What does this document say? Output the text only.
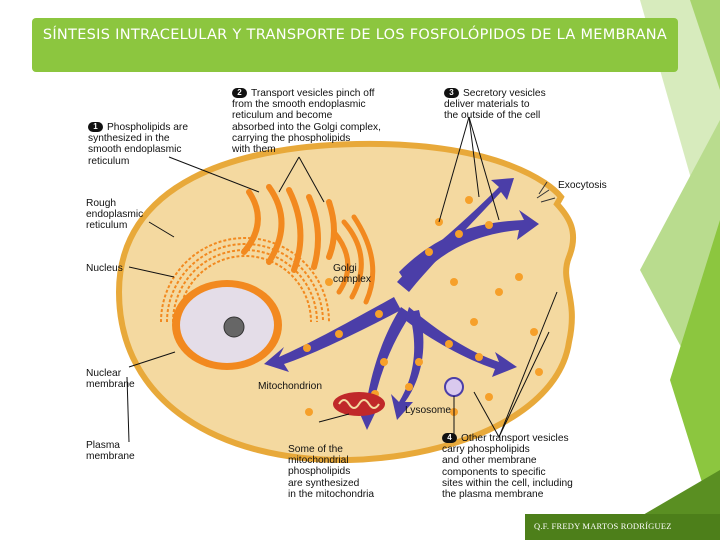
SÍNTESIS INTRACELULAR Y TRANSPORTE DE LOS FOSFOLÓPIDOS DE LA MEMBRANA
2 Transport vesicles pinch off
from the smooth endoplasmic
reticulum and become
absorbed into the Golgi complex,
carrying the phospholipids
with them
3 Secretory vesicles
deliver materials to
the outside of the cell
1 Phospholipids are
synthesized in the
smooth endoplasmic
reticulum
4 Other transport vesicles
carry phospholipids
and other membrane
components to specific
sites within the cell, including
the plasma membrane
Rough
endoplasmic
reticulum
Nucleus
Nuclear
membrane
Plasma
membrane
Golgi
complex
Mitochondrion
Lysosome
Exocytosis
Some of the
mitochondrial
phospholipids
are synthesized
in the mitochondria
Q.F. FREDY MARTOS RODRÍGUEZ
